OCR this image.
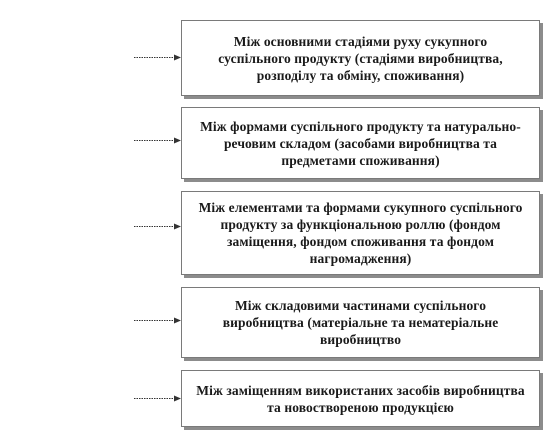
Між основними стадіями руху сукупного суспільного продукту (стадіями виробництва, розподілу та обміну, споживання)
Між формами суспільного продукту та натурально-речовим складом (засобами виробництва та предметами споживання)
Між елементами та формами сукупного суспільного продукту за функціональною роллю (фондом заміщення, фондом споживання та фондом нагромадження)
Між складовими частинами суспільного виробництва (матеріальне та нематеріальне виробництво
Між заміщенням використаних засобів виробництва та новоствореною продукцією
